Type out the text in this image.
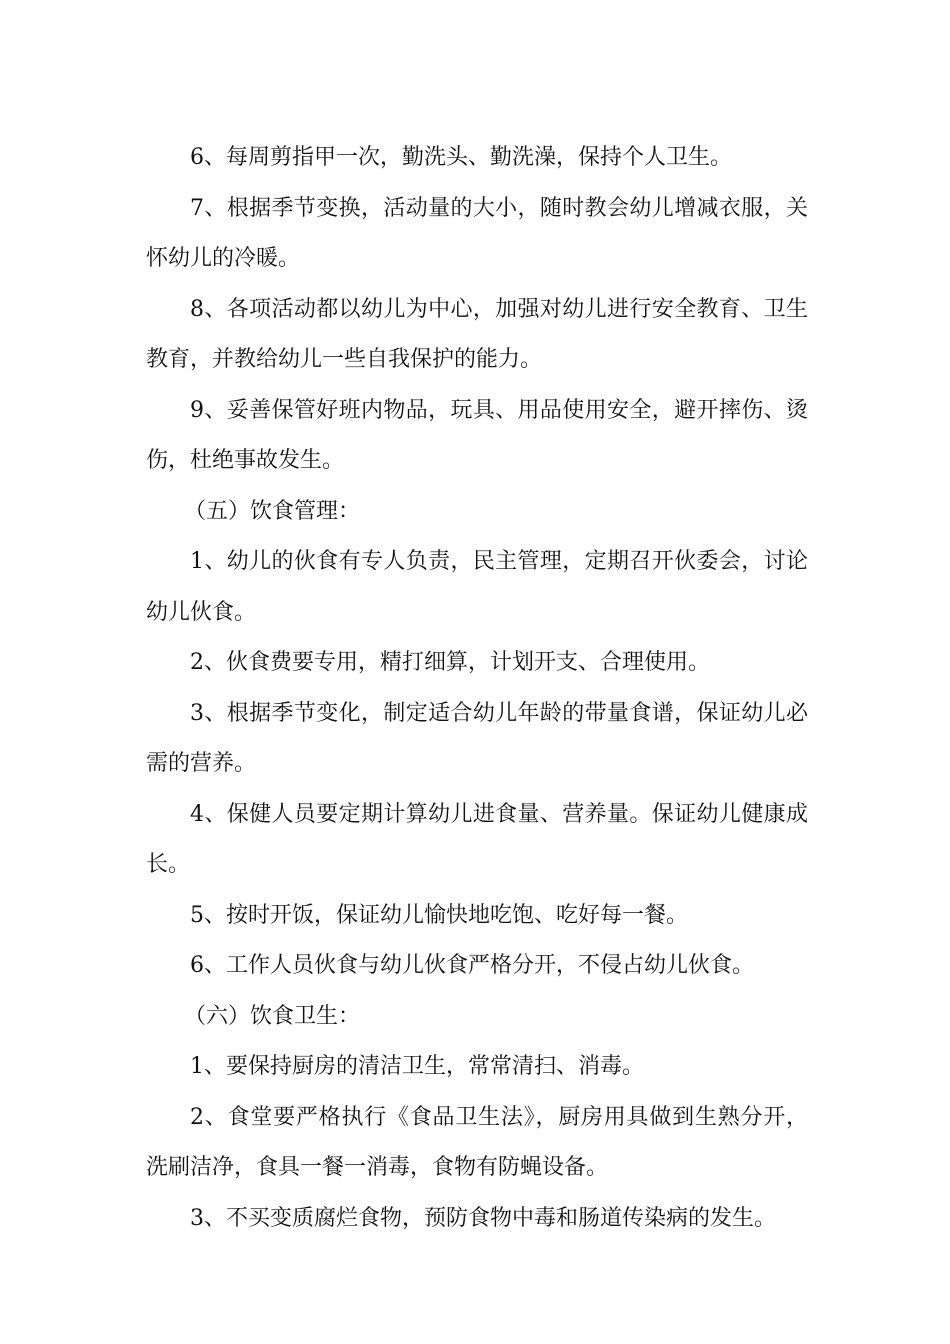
6、每周剪指甲一次，勤洗头、勤洗澡，保持个人卫生。

7、根据季节变换，活动量的大小，随时教会幼儿增减衣服，关怀幼儿的冷暖。

8、各项活动都以幼儿为中心，加强对幼儿进行安全教育、卫生教育，并教给幼儿一些自我保护的能力。

9、妥善保管好班内物品，玩具、用品使用安全，避开摔伤、烫伤，杜绝事故发生。

（五）饮食管理：

1、幼儿的伙食有专人负责，民主管理，定期召开伙委会，讨论幼儿伙食。

2、伙食费要专用，精打细算，计划开支、合理使用。

3、根据季节变化，制定适合幼儿年龄的带量食谱，保证幼儿必需的营养。

4、保健人员要定期计算幼儿进食量、营养量。保证幼儿健康成长。

5、按时开饭，保证幼儿愉快地吃饱、吃好每一餐。

6、工作人员伙食与幼儿伙食严格分开，不侵占幼儿伙食。

（六）饮食卫生：

1、要保持厨房的清洁卫生，常常清扫、消毒。

2、食堂要严格执行《食品卫生法》，厨房用具做到生熟分开，洗刷洁净，食具一餐一消毒，食物有防蝇设备。

3、不买变质腐烂食物，预防食物中毒和肠道传染病的发生。
